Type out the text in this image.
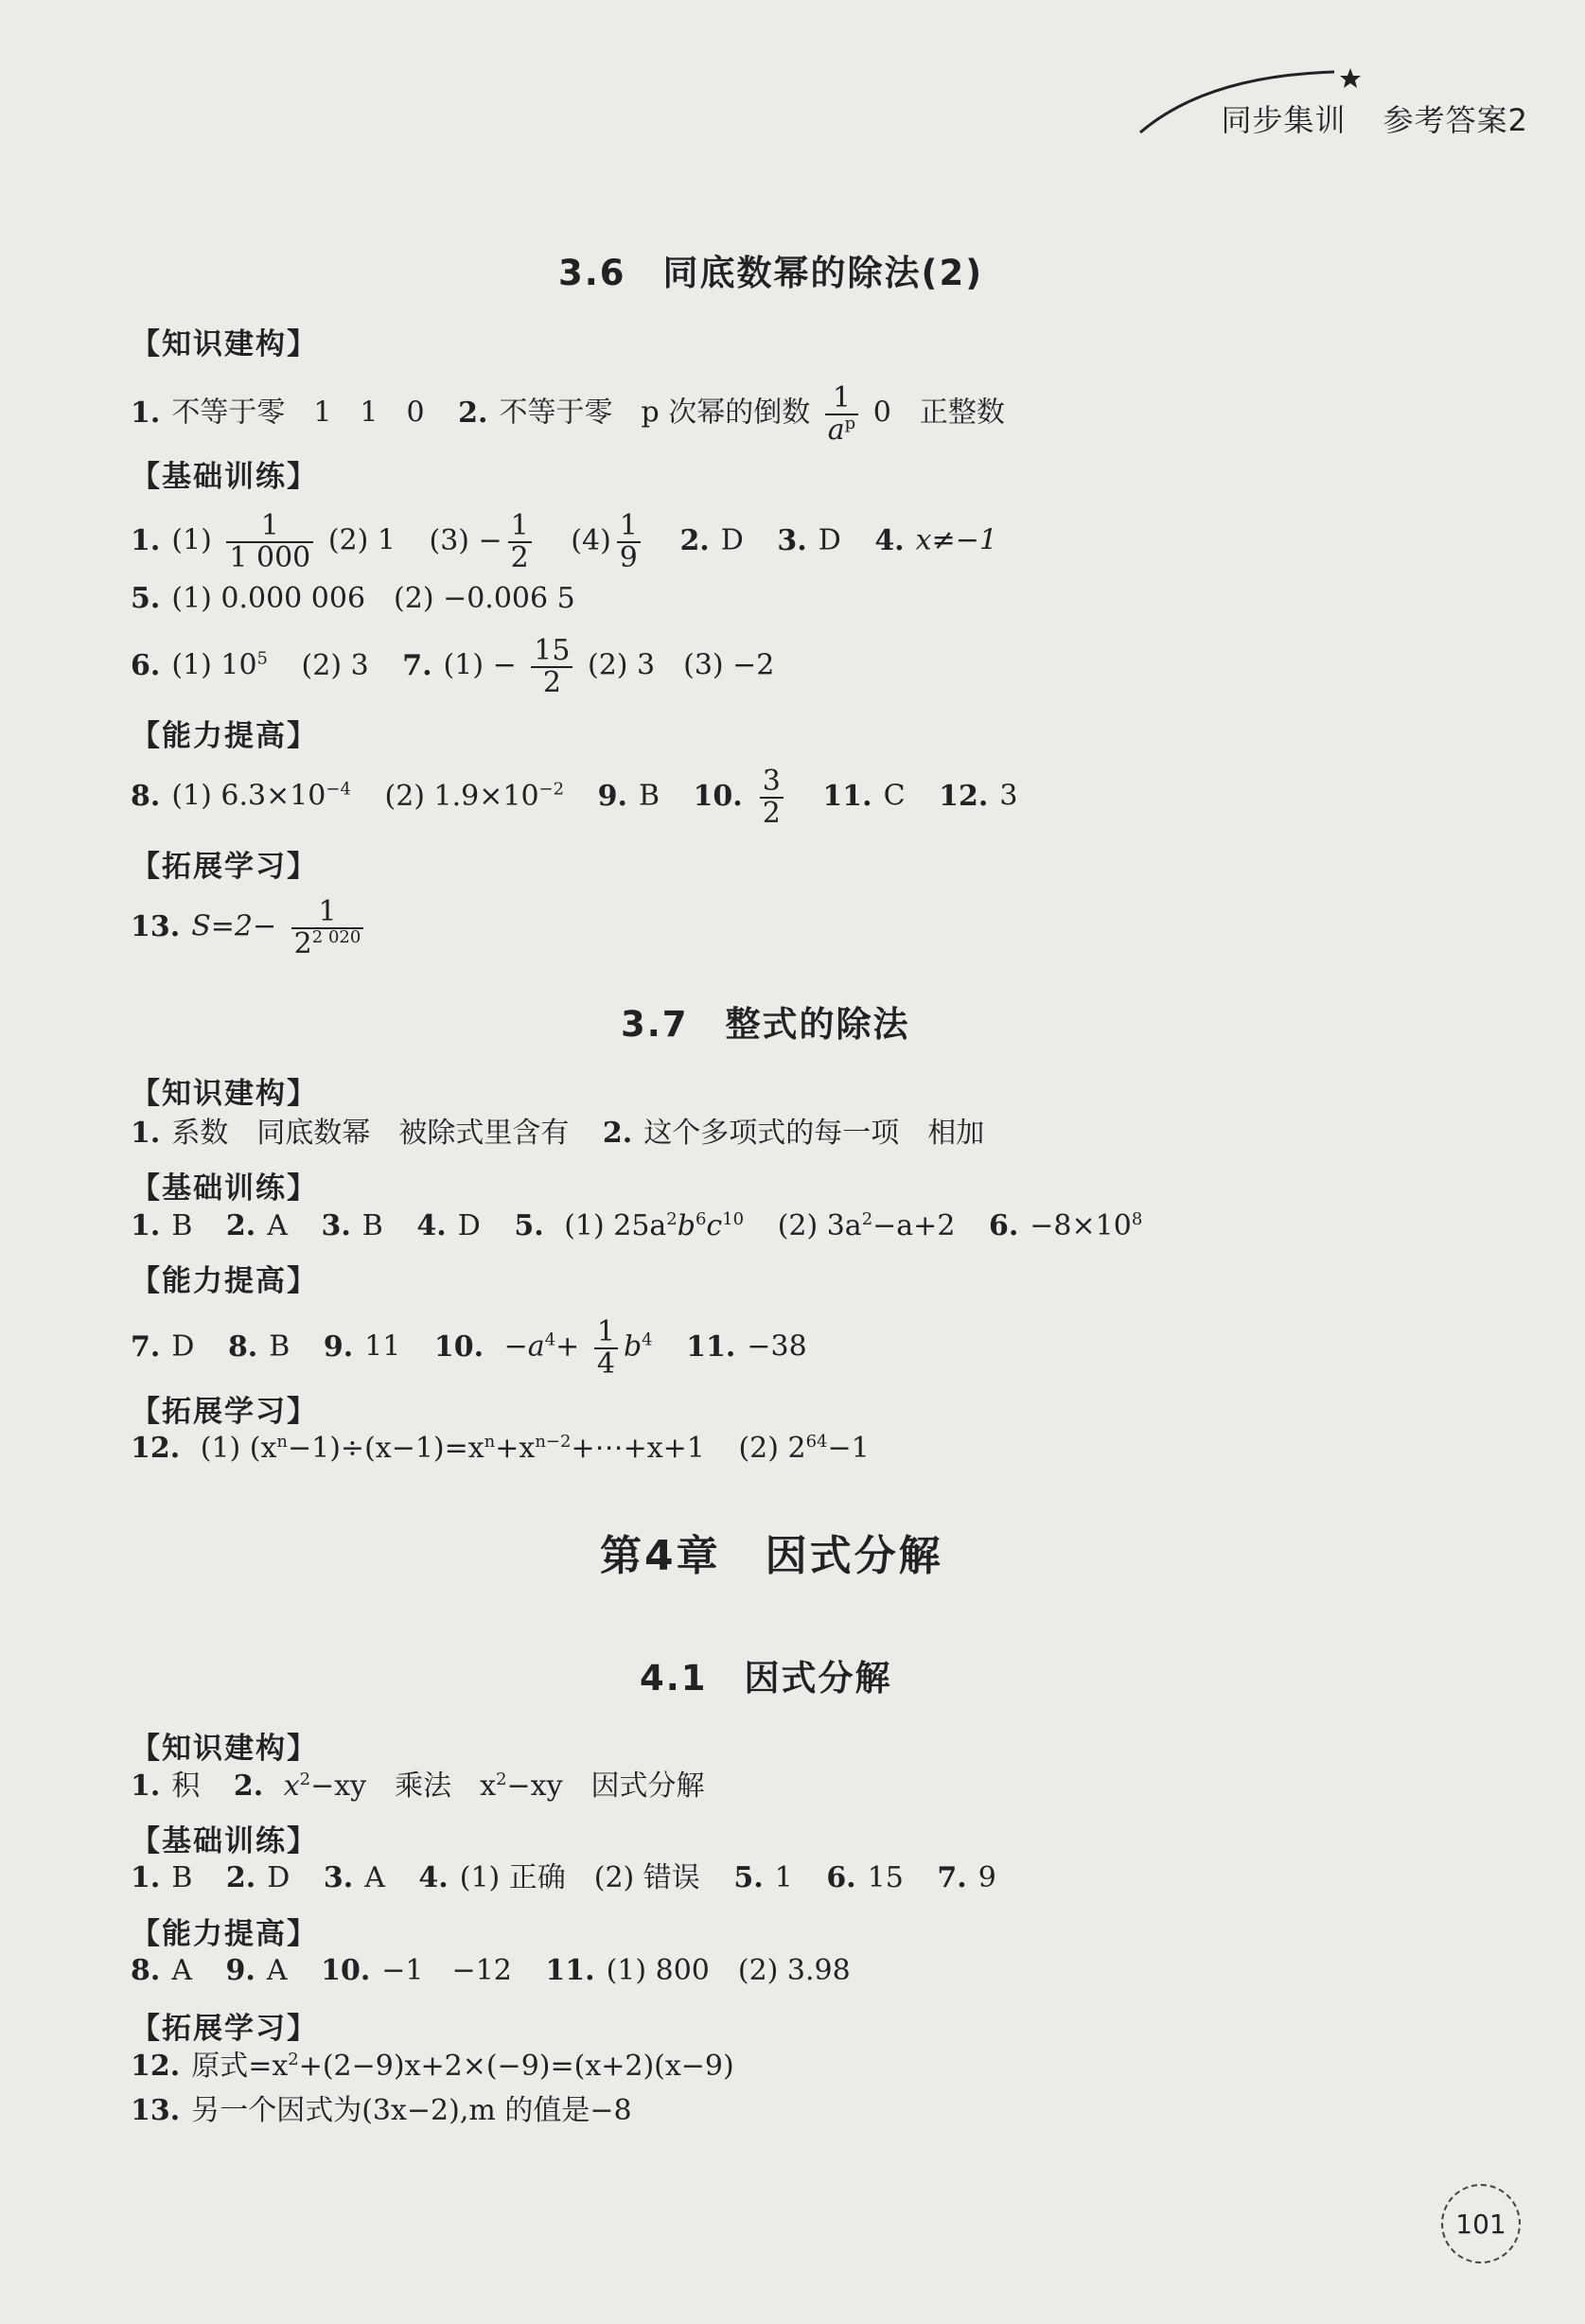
同步集训 参考答案2
3.6　同底数幂的除法(2)
【知识建构】
1. 不等于零　1　1　0 2. 不等于零　p 次幂的倒数 $\frac{1}{a^p} 0$　正整数
【基础训练】
1. $(1) \frac{1}{1 000} (2)$ 1 $(3) - \frac{1}{2} (4) \frac{1}{9} 2$. D 3. D 4. x≠−1
5. (1) 0.000 006　(2) −0.006 5
6. (1) $10^5$ (2) 3 7. $(1) - \frac{15}{2} (2)$ 3　(3) −2
【能力提高】
8. (1) $6.3\times 10^{-4}$ (2) $1.9\times 10^{-2}$ 9. B 10. $\frac{3}{2} 11$. C 12. 3
【拓展学习】
13. $S=2- \frac{1}{2^{2 020}}$
3.7　整式的除法
【知识建构】
1. 系数　同底数幂　被除式里含有 2. 这个多项式的每一项　相加
【基础训练】
1. B 2. A 3. B 4. D 5. (1) $25a^2b^6c^{10}$ (2) $3a^2-a+2$ 6. $-8\times 10^8$
【能力提高】
7. D 8. B 9. 11 10. $-a^4+ \frac{1}{4} b^4$ 11. −38
【拓展学习】
12. (1) $(x^n-1)\div(x-1)=x^n+x^{n-2}+\cdots+x+1$ (2) $2^{64}-1$
第4章　因式分解
4.1　因式分解
【知识建构】
1. 积 2. $x^2-xy$　乘法　$x^2-xy$　因式分解
【基础训练】
1. B 2. D 3. A 4. (1) 正确　(2) 错误 5. 1 6. 15 7. 9
【能力提高】
8. A 9. A 10. −1　−12 11. (1) 800　(2) 3.98
【拓展学习】
12. 原式$=x^2+(2-9)x+2\times(-9)=(x+2)(x-9)$
13. 另一个因式为(3x−2),m 的值是−8
101
